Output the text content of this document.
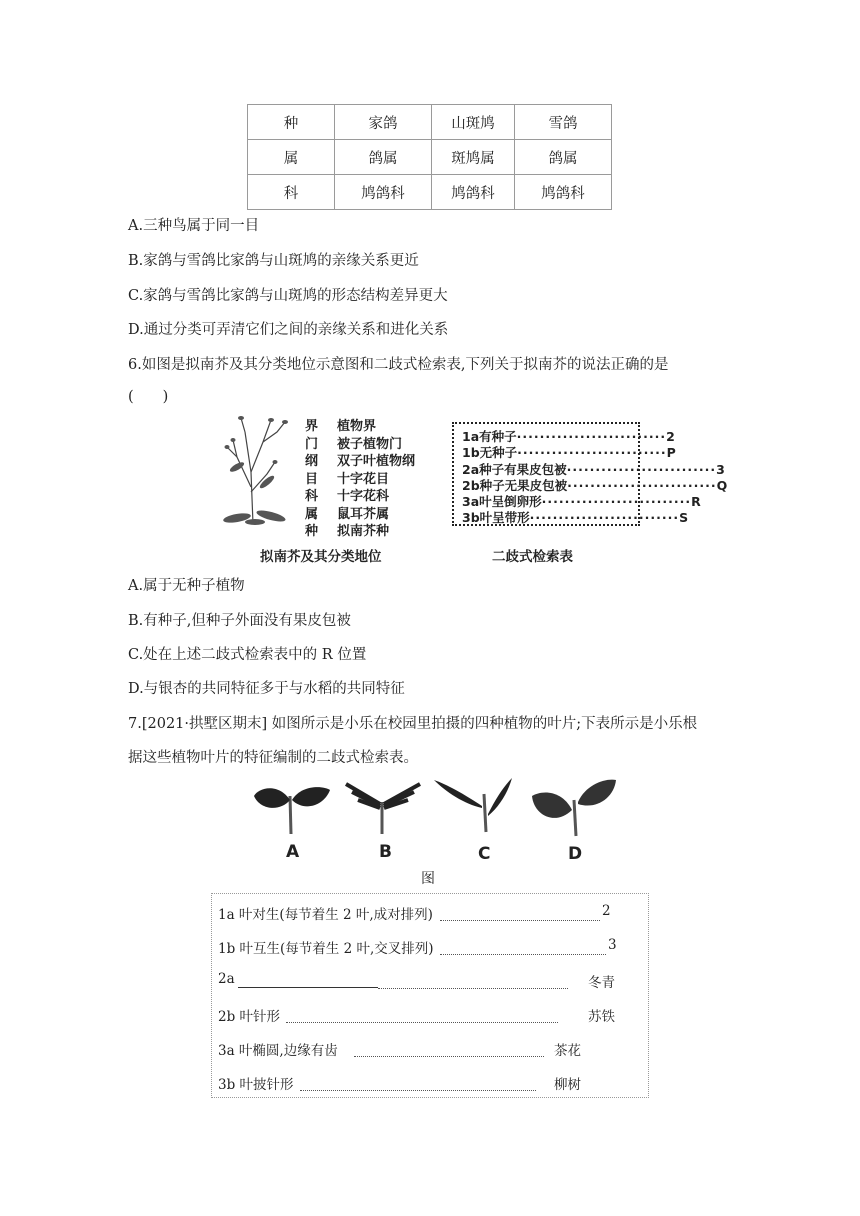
种	家鸽	山斑鸠	雪鸽
属	鸽属	斑鸠属	鸽属
科	鸠鸽科	鸠鸽科	鸠鸽科
A.三种鸟属于同一目
B.家鸽与雪鸽比家鸽与山斑鸠的亲缘关系更近
C.家鸽与雪鸽比家鸽与山斑鸠的形态结构差异更大
D.通过分类可弄清它们之间的亲缘关系和进化关系
6.如图是拟南芥及其分类地位示意图和二歧式检索表,下列关于拟南芥的说法正确的是
(　　)
界 植物界
门 被子植物门
纲 双子叶植物纲
目 十字花目
科 十字花科
属 鼠耳芥属
种 拟南芥种
1a 有种子 ·························· 2
1b 无种子 ·························· P
2a 种子有果皮包被 ·························· 3
2b 种子无果皮包被 ·························· Q
3a 叶呈倒卵形 ·························· R
3b 叶呈带形 ·························· S
拟南芥及其分类地位	二歧式检索表
A.属于无种子植物
B.有种子,但种子外面没有果皮包被
C.处在上述二歧式检索表中的 R 位置
D.与银杏的共同特征多于与水稻的共同特征
7.[2021·拱墅区期末] 如图所示是小乐在校园里拍摄的四种植物的叶片;下表所示是小乐根
据这些植物叶片的特征编制的二歧式检索表。
A	B	C	D
图
1a 叶对生(每节着生 2 叶,成对排列)	2
1b 叶互生(每节着生 2 叶,交叉排列)	3
2a	冬青
2b 叶针形	苏铁
3a 叶椭圆,边缘有齿	茶花
3b 叶披针形	柳树
